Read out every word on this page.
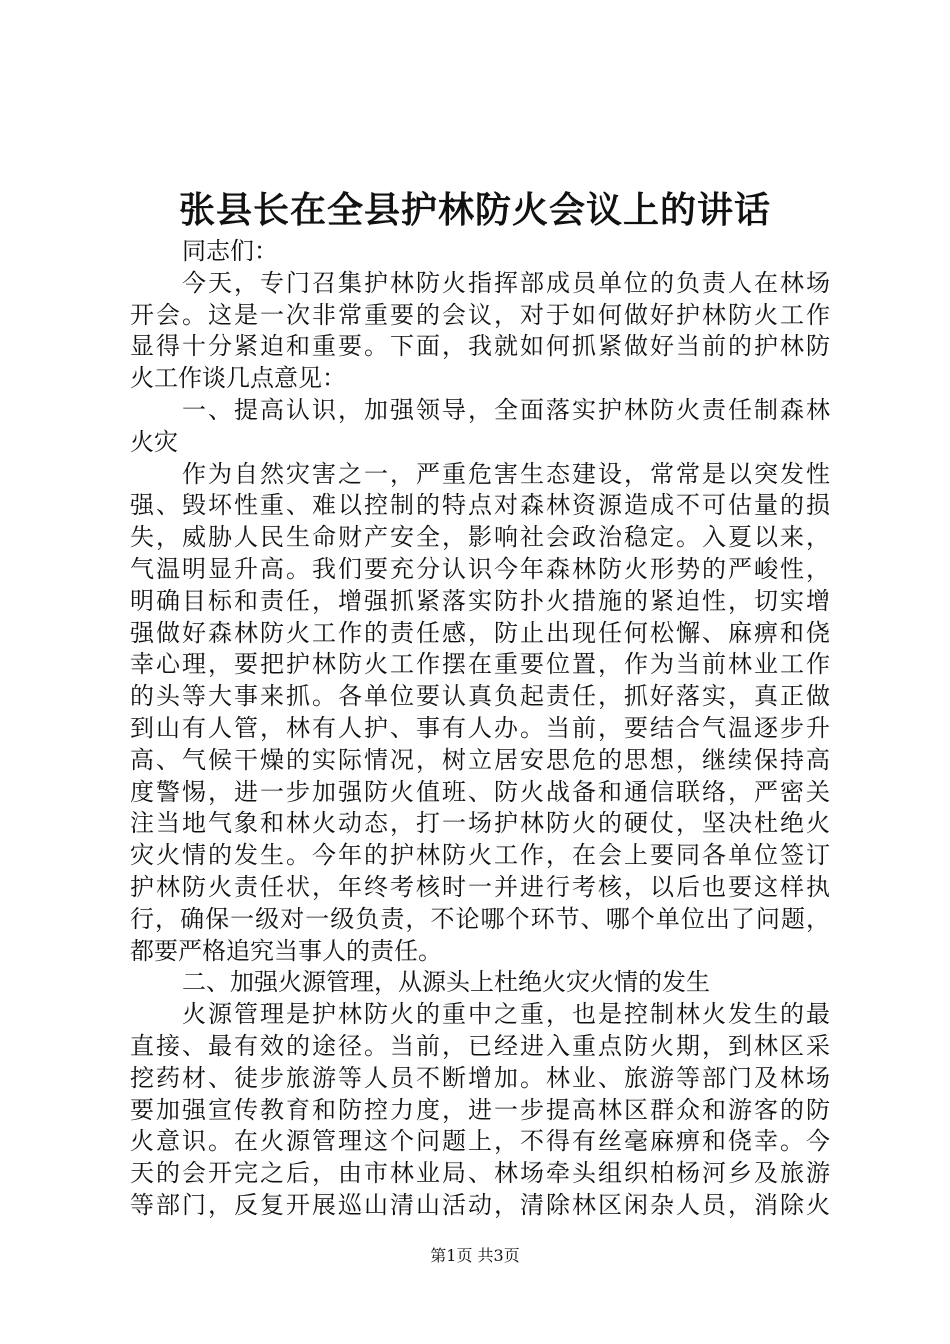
张县长在全县护林防火会议上的讲话
同志们：
今天，专门召集护林防火指挥部成员单位的负责人在林场
开会。这是一次非常重要的会议，对于如何做好护林防火工作
显得十分紧迫和重要。下面，我就如何抓紧做好当前的护林防
火工作谈几点意见：
一、提高认识，加强领导，全面落实护林防火责任制森林
火灾
作为自然灾害之一，严重危害生态建设，常常是以突发性
强、毁坏性重、难以控制的特点对森林资源造成不可估量的损
失，威胁人民生命财产安全，影响社会政治稳定。入夏以来，
气温明显升高。我们要充分认识今年森林防火形势的严峻性，
明确目标和责任，增强抓紧落实防扑火措施的紧迫性，切实增
强做好森林防火工作的责任感，防止出现任何松懈、麻痹和侥
幸心理，要把护林防火工作摆在重要位置，作为当前林业工作
的头等大事来抓。各单位要认真负起责任，抓好落实，真正做
到山有人管，林有人护、事有人办。当前，要结合气温逐步升
高、气候干燥的实际情况，树立居安思危的思想，继续保持高
度警惕，进一步加强防火值班、防火战备和通信联络，严密关
注当地气象和林火动态，打一场护林防火的硬仗，坚决杜绝火
灾火情的发生。今年的护林防火工作，在会上要同各单位签订
护林防火责任状，年终考核时一并进行考核，以后也要这样执
行，确保一级对一级负责，不论哪个环节、哪个单位出了问题，
都要严格追究当事人的责任。
二、加强火源管理，从源头上杜绝火灾火情的发生
火源管理是护林防火的重中之重，也是控制林火发生的最
直接、最有效的途径。当前，已经进入重点防火期，到林区采
挖药材、徒步旅游等人员不断增加。林业、旅游等部门及林场
要加强宣传教育和防控力度，进一步提高林区群众和游客的防
火意识。在火源管理这个问题上，不得有丝毫麻痹和侥幸。今
天的会开完之后，由市林业局、林场牵头组织柏杨河乡及旅游
等部门，反复开展巡山清山活动，清除林区闲杂人员，消除火
第1页 共3页
